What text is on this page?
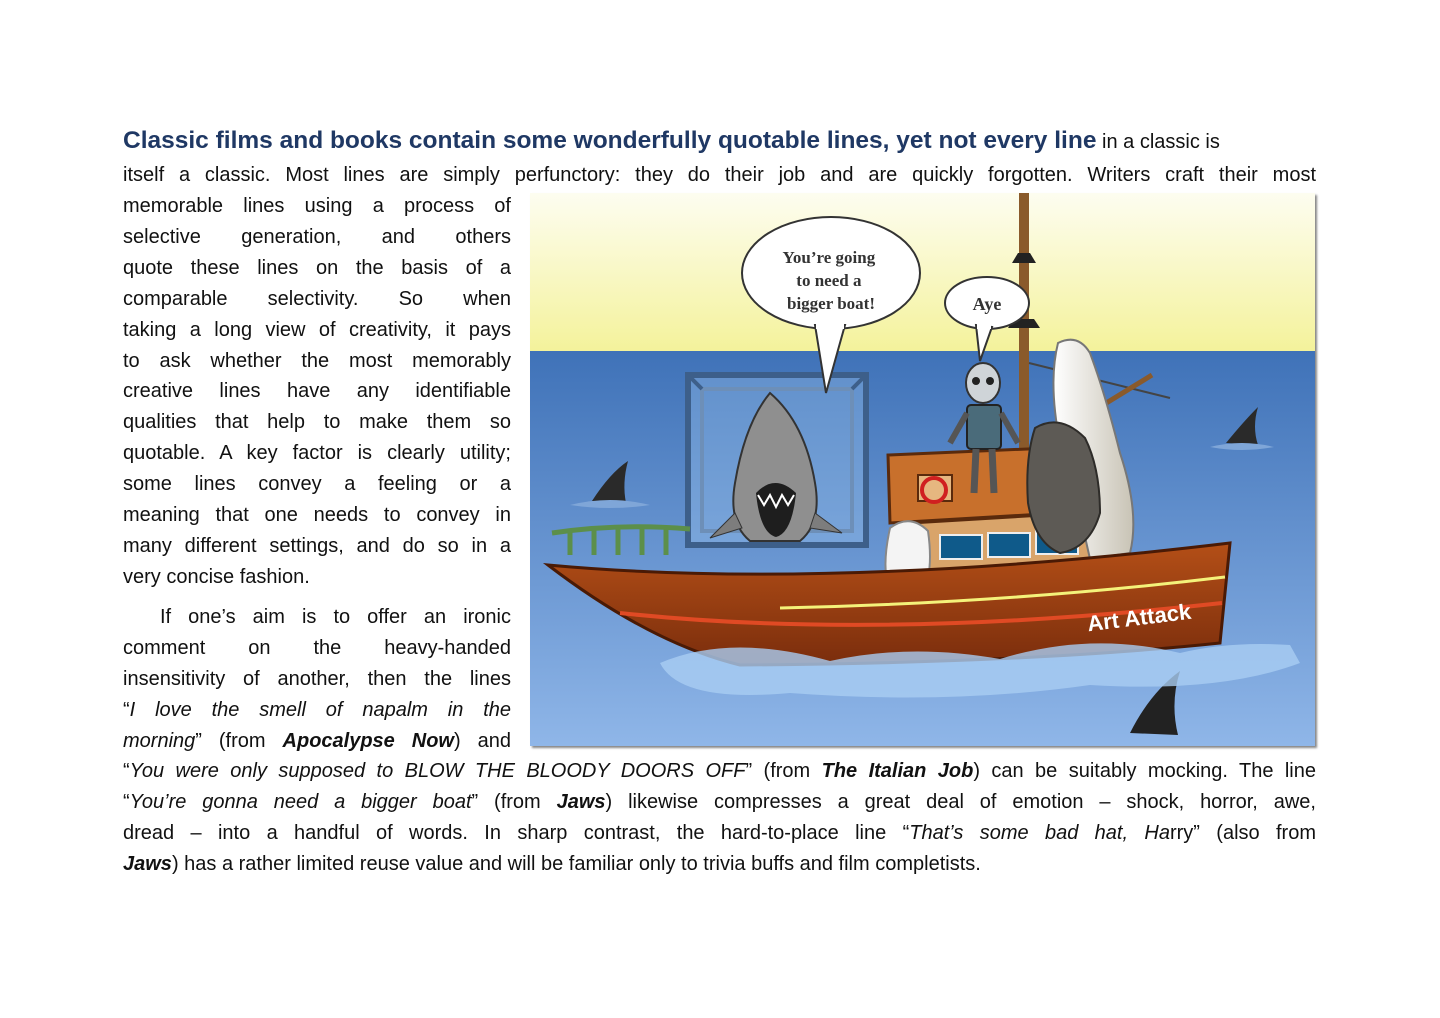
Classic films and books contain some wonderfully quotable lines, yet not every line in a classic is
itself a classic. Most lines are simply perfunctory: they do their job and are quickly forgotten. Writers craft their most
memorable lines using a process of
selective generation, and others
quote these lines on the basis of a
comparable selectivity. So when
taking a long view of creativity, it pays
to ask whether the most memorably
creative lines have any identifiable
qualities that help to make them so
quotable. A key factor is clearly utility;
some lines convey a feeling or a
meaning that one needs to convey in
many different settings, and do so in a
very concise fashion.
If one’s aim is to offer an ironic
comment on the heavy-handed
insensitivity of another, then the lines
“I love the smell of napalm in the
morning” (from Apocalypse Now) and
“You were only supposed to BLOW THE BLOODY DOORS OFF” (from The Italian Job) can be suitably mocking. The line
“You’re gonna need a bigger boat” (from Jaws) likewise compresses a great deal of emotion – shock, horror, awe,
dread – into a handful of words. In sharp contrast, the hard-to-place line “That’s some bad hat, Harry” (also from
Jaws) has a rather limited reuse value and will be familiar only to trivia buffs and film completists.
You’re going to need a bigger boat!	Aye
Art Attack
